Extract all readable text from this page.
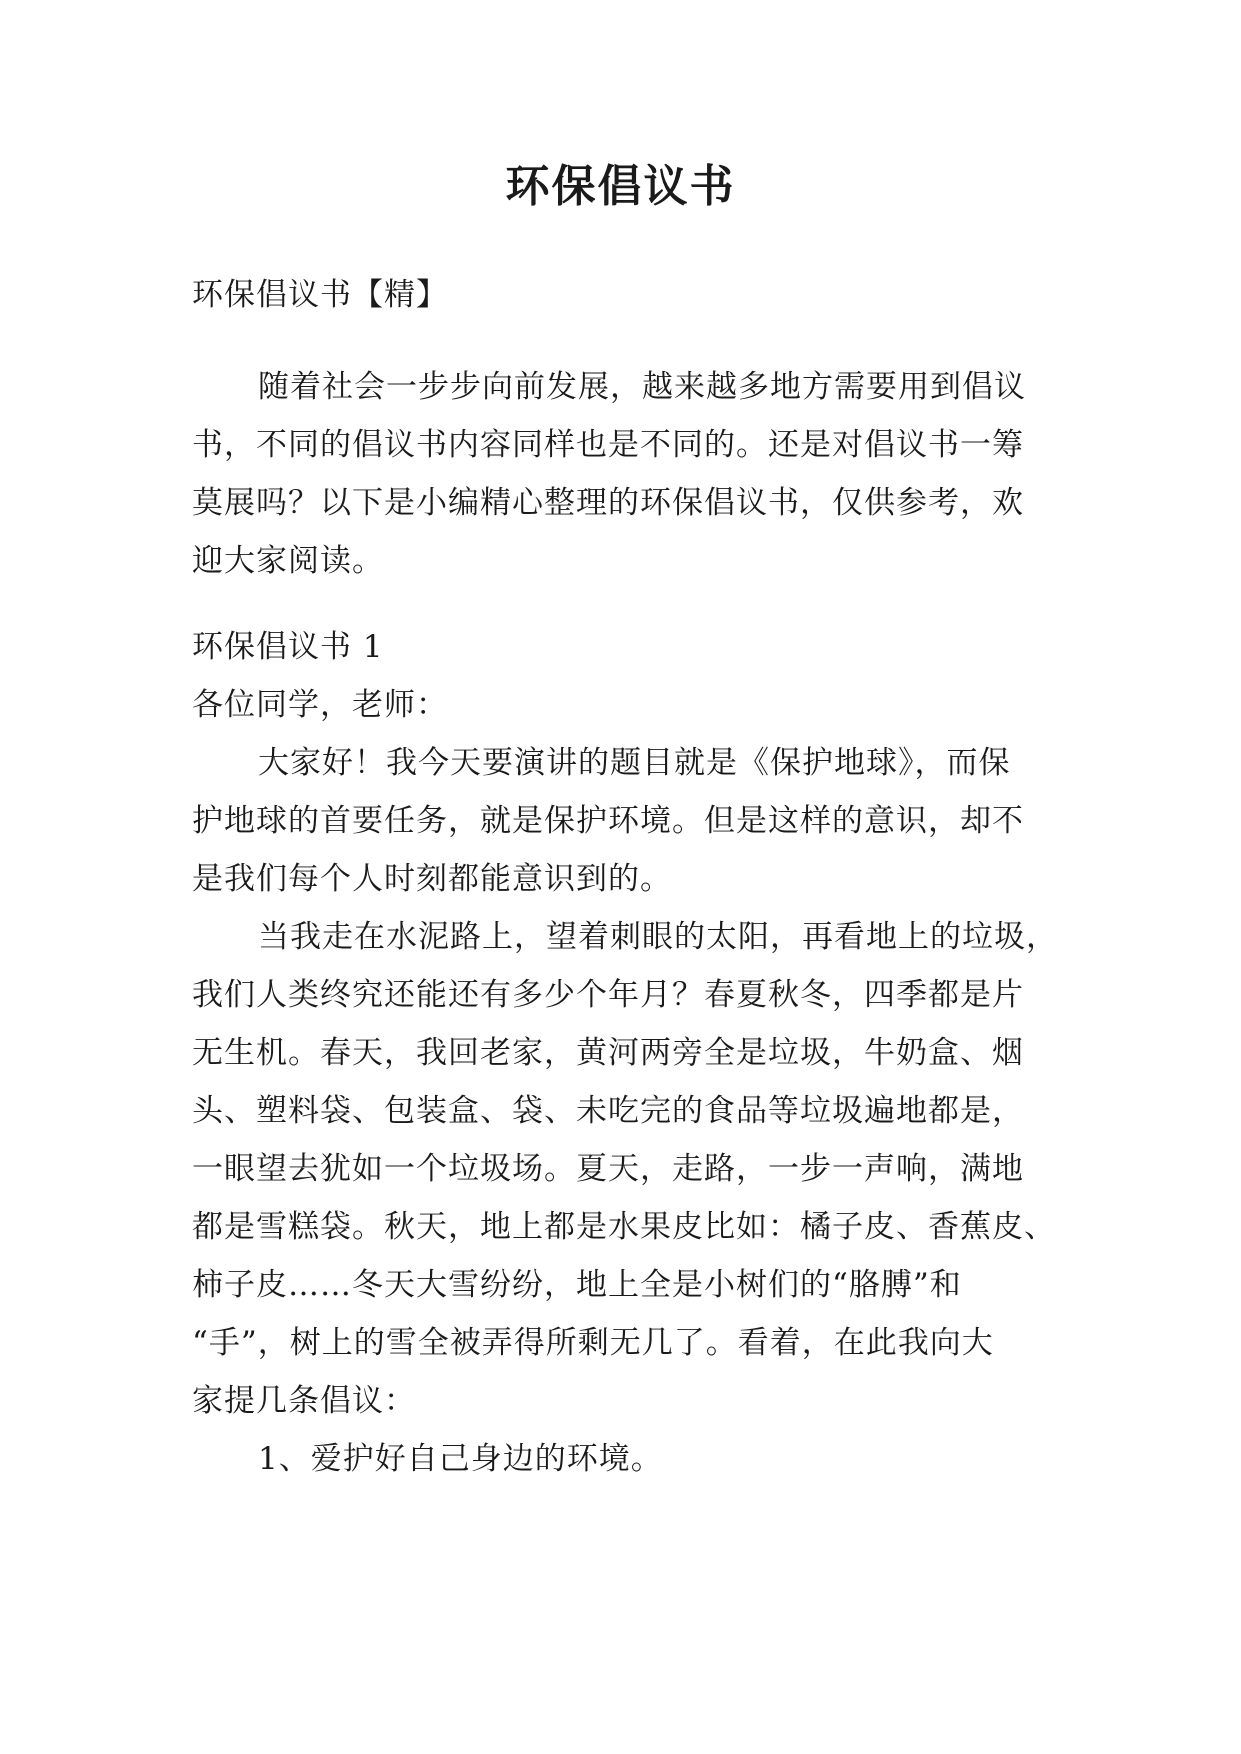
环保倡议书
环保倡议书【精】
随着社会一步步向前发展，越来越多地方需要用到倡议
书，不同的倡议书内容同样也是不同的。还是对倡议书一筹
莫展吗？以下是小编精心整理的环保倡议书，仅供参考，欢
迎大家阅读。
环保倡议书 1
各位同学，老师：
大家好！我今天要演讲的题目就是《保护地球》，而保
护地球的首要任务，就是保护环境。但是这样的意识，却不
是我们每个人时刻都能意识到的。
当我走在水泥路上，望着刺眼的太阳，再看地上的垃圾，
我们人类终究还能还有多少个年月？春夏秋冬，四季都是片
无生机。春天，我回老家，黄河两旁全是垃圾，牛奶盒、烟
头、塑料袋、包装盒、袋、未吃完的食品等垃圾遍地都是，
一眼望去犹如一个垃圾场。夏天，走路，一步一声响，满地
都是雪糕袋。秋天，地上都是水果皮比如：橘子皮、香蕉皮、
柿子皮……冬天大雪纷纷，地上全是小树们的“胳膊”和
“手”，树上的雪全被弄得所剩无几了。看着，在此我向大
家提几条倡议：
1、爱护好自己身边的环境。
